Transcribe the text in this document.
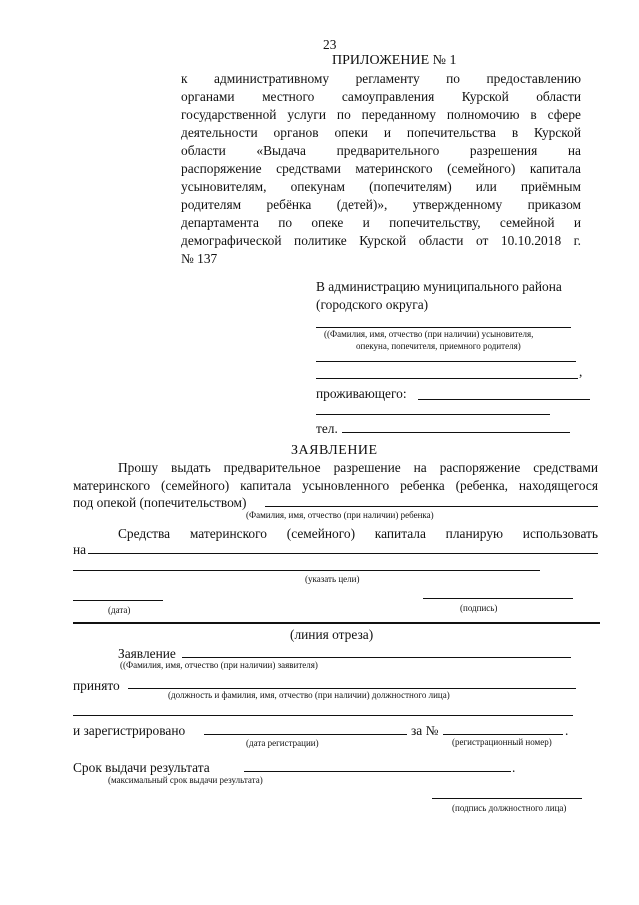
23
ПРИЛОЖЕНИЕ № 1
к административному регламенту по предоставлению
органами местного самоуправления Курской области
государственной услуги по переданному полномочию в сфере
деятельности органов опеки и попечительства в Курской
области «Выдача предварительного разрешения на
распоряжение средствами материнского (семейного) капитала
усыновителям, опекунам (попечителям) или приёмным
родителям ребёнка (детей)», утвержденному приказом
департамента по опеке и попечительству, семейной и
демографической политике Курской области от 10.10.2018 г.
№ 137
В администрацию муниципального района
(городского округа)
((Фамилия, имя, отчество (при наличии) усыновителя,
опекуна, попечителя, приемного родителя)
,
проживающего:
тел.
ЗАЯВЛЕНИЕ
Прошу выдать предварительное разрешение на распоряжение средствами
материнского (семейного) капитала усыновленного ребенка (ребенка, находящегося
под опекой (попечительством)
(Фамилия, имя, отчество (при наличии) ребенка)
Средства материнского (семейного) капитала планирую использовать
на
(указать цели)
(дата)	(подпись)
(линия отреза)
Заявление
((Фамилия, имя, отчество (при наличии) заявителя)
принято
(должность и фамилия, имя, отчество (при наличии) должностного лица)
и зарегистрировано	за №	.
(дата регистрации)	(регистрационный номер)
Срок выдачи результата	.
(максимальный срок выдачи результата)
(подпись должностного лица)
